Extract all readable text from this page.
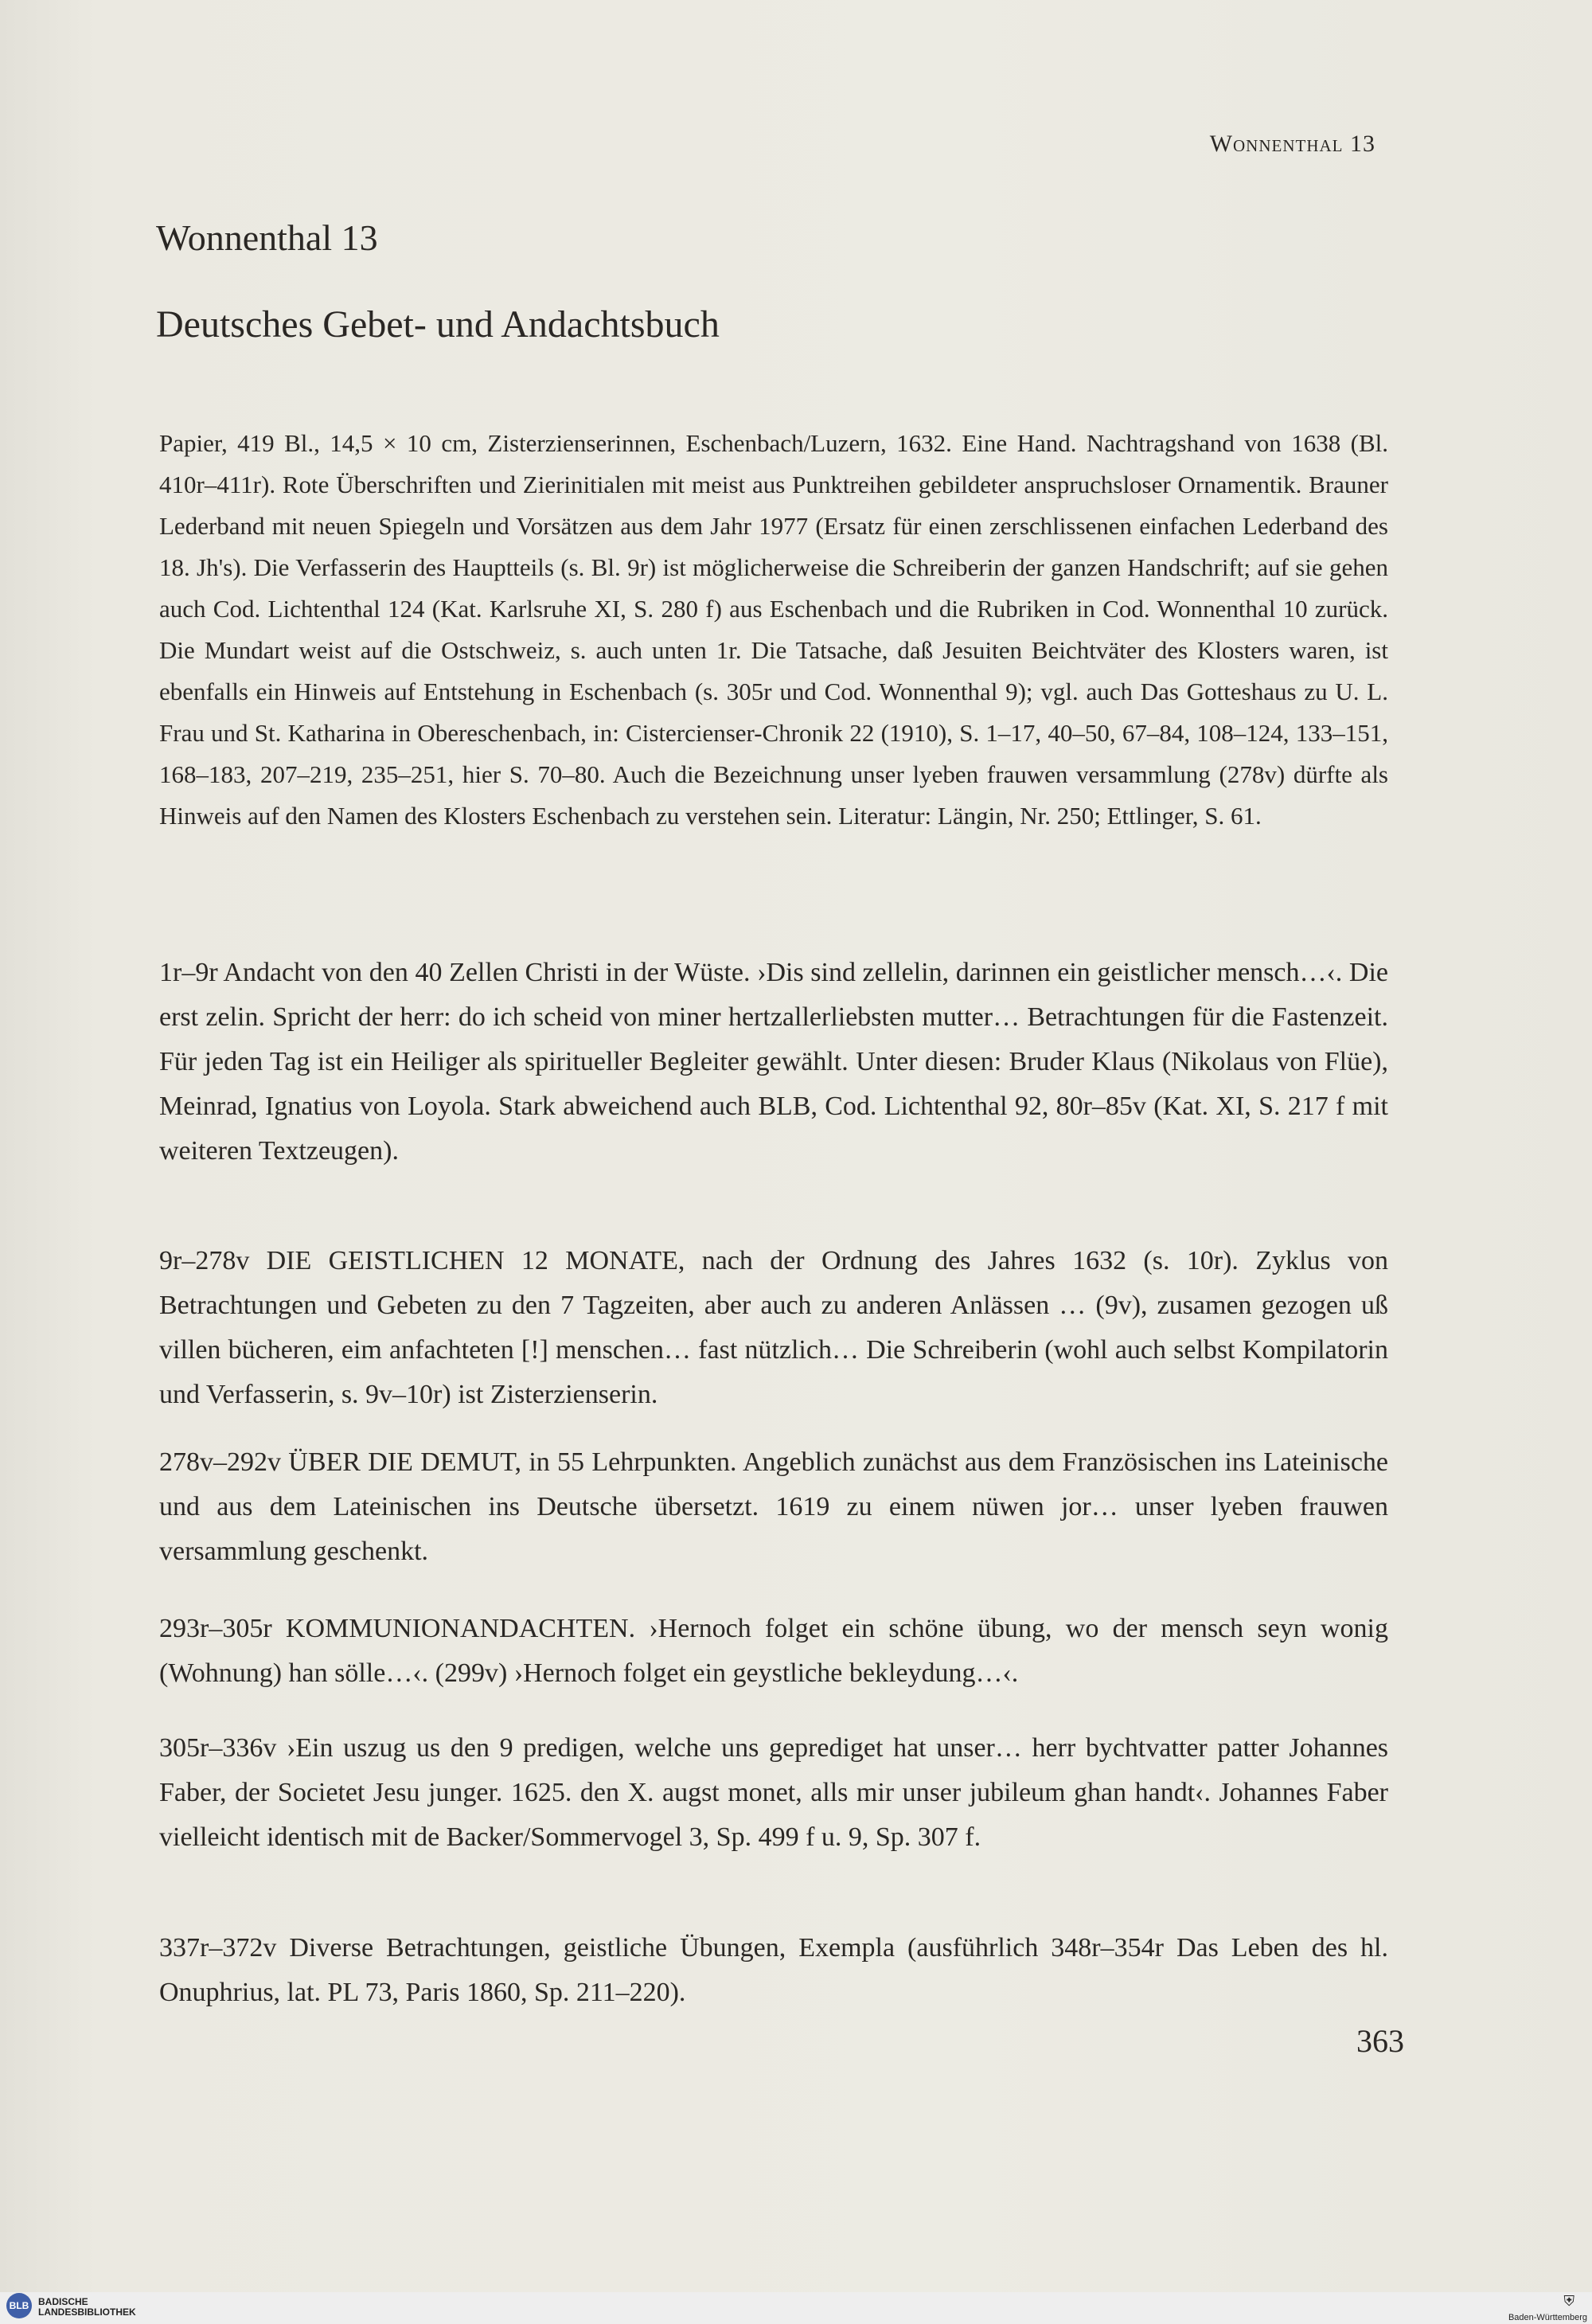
Wonnenthal 13
Wonnenthal 13
Deutsches Gebet- und Andachtsbuch

Papier, 419 Bl., 14,5 × 10 cm, Zisterzienserinnen, Eschenbach/Luzern, 1632. Eine Hand. Nachtragshand von 1638 (Bl. 410r–411r). Rote Überschriften und Zierinitialen mit meist aus Punktreihen gebildeter anspruchsloser Ornamentik. Brauner Lederband mit neuen Spiegeln und Vorsätzen aus dem Jahr 1977 (Ersatz für einen zerschlissenen einfachen Lederband des 18. Jh's). Die Verfasserin des Hauptteils (s. Bl. 9r) ist möglicherweise die Schreiberin der ganzen Handschrift; auf sie gehen auch Cod. Lichtenthal 124 (Kat. Karlsruhe XI, S. 280 f) aus Eschenbach und die Rubriken in Cod. Wonnenthal 10 zurück. Die Mundart weist auf die Ostschweiz, s. auch unten 1r. Die Tatsache, daß Jesuiten Beichtväter des Klosters waren, ist ebenfalls ein Hinweis auf Entstehung in Eschenbach (s. 305r und Cod. Wonnenthal 9); vgl. auch Das Gotteshaus zu U. L. Frau und St. Katharina in Obereschenbach, in: Cistercienser-Chronik 22 (1910), S. 1–17, 40–50, 67–84, 108–124, 133–151, 168–183, 207–219, 235–251, hier S. 70–80. Auch die Bezeichnung unser lyeben frauwen versammlung (278v) dürfte als Hinweis auf den Namen des Klosters Eschenbach zu verstehen sein. Literatur: Längin, Nr. 250; Ettlinger, S. 61.

1r–9r Andacht von den 40 Zellen Christi in der Wüste. ›Dis sind zellelin, darinnen ein geistlicher mensch…‹. Die erst zelin. Spricht der herr: do ich scheid von miner hertzallerliebsten mutter… Betrachtungen für die Fastenzeit. Für jeden Tag ist ein Heiliger als spiritueller Begleiter gewählt. Unter diesen: Bruder Klaus (Nikolaus von Flüe), Meinrad, Ignatius von Loyola. Stark abweichend auch BLB, Cod. Lichtenthal 92, 80r–85v (Kat. XI, S. 217 f mit weiteren Textzeugen).

9r–278v DIE GEISTLICHEN 12 MONATE, nach der Ordnung des Jahres 1632 (s. 10r). Zyklus von Betrachtungen und Gebeten zu den 7 Tagzeiten, aber auch zu anderen Anlässen … (9v), zusamen gezogen uß villen bücheren, eim anfachteten [!] menschen… fast nützlich… Die Schreiberin (wohl auch selbst Kompilatorin und Verfasserin, s. 9v–10r) ist Zisterzienserin.

278v–292v ÜBER DIE DEMUT, in 55 Lehrpunkten. Angeblich zunächst aus dem Französischen ins Lateinische und aus dem Lateinischen ins Deutsche übersetzt. 1619 zu einem nüwen jor… unser lyeben frauwen versammlung geschenkt.

293r–305r KOMMUNIONANDACHTEN. ›Hernoch folget ein schöne übung, wo der mensch seyn wonig (Wohnung) han sölle…‹. (299v) ›Hernoch folget ein geystliche bekleydung…‹.

305r–336v ›Ein uszug us den 9 predigen, welche uns geprediget hat unser… herr bychtvatter patter Johannes Faber, der Societet Jesu junger. 1625. den X. augst monet, alls mir unser jubileum ghan handt‹. Johannes Faber vielleicht identisch mit de Backer/Sommervogel 3, Sp. 499 f u. 9, Sp. 307 f.

337r–372v Diverse Betrachtungen, geistliche Übungen, Exempla (ausführlich 348r–354r Das Leben des hl. Onuphrius, lat. PL 73, Paris 1860, Sp. 211–220).

363
BLB BADISCHE
LANDESBIBLIOTHEK
⛨
Baden-Württemberg
